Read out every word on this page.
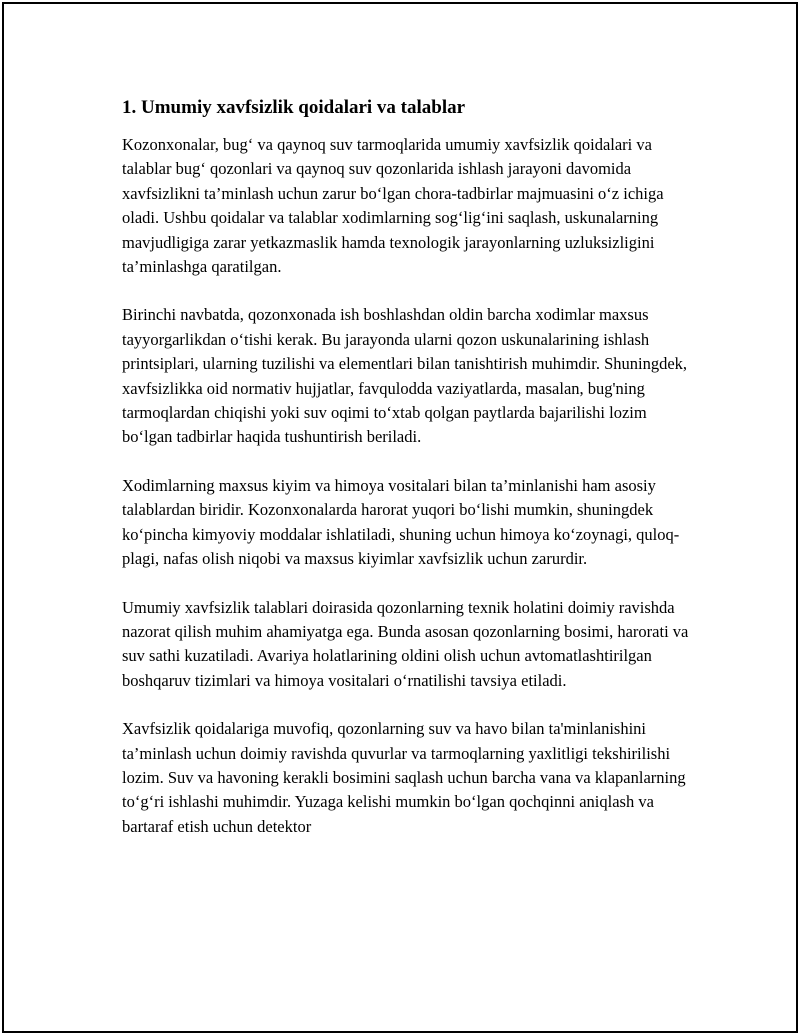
1. Umumiy xavfsizlik qoidalari va talablar

Kozonxonalar, bug‘ va qaynoq suv tarmoqlarida umumiy xavfsizlik qoidalari va talablar bug‘ qozonlari va qaynoq suv qozonlarida ishlash jarayoni davomida xavfsizlikni ta’minlash uchun zarur bo‘lgan chora-tadbirlar majmuasini o‘z ichiga oladi. Ushbu qoidalar va talablar xodimlarning sog‘lig‘ini saqlash, uskunalarning mavjudligiga zarar yetkazmaslik hamda texnologik jarayonlarning uzluksizligini ta’minlashga qaratilgan.

Birinchi navbatda, qozonxonada ish boshlashdan oldin barcha xodimlar maxsus tayyorgarlikdan o‘tishi kerak. Bu jarayonda ularni qozon uskunalarining ishlash printsiplari, ularning tuzilishi va elementlari bilan tanishtirish muhimdir. Shuningdek, xavfsizlikka oid normativ hujjatlar, favqulodda vaziyatlarda, masalan, bug'ning tarmoqlardan chiqishi yoki suv oqimi to‘xtab qolgan paytlarda bajarilishi lozim bo‘lgan tadbirlar haqida tushuntirish beriladi.

Xodimlarning maxsus kiyim va himoya vositalari bilan ta’minlanishi ham asosiy talablardan biridir. Kozonxonalarda harorat yuqori bo‘lishi mumkin, shuningdek ko‘pincha kimyoviy moddalar ishlatiladi, shuning uchun himoya ko‘zoynagi, quloq-plagi, nafas olish niqobi va maxsus kiyimlar xavfsizlik uchun zarurdir.

Umumiy xavfsizlik talablari doirasida qozonlarning texnik holatini doimiy ravishda nazorat qilish muhim ahamiyatga ega. Bunda asosan qozonlarning bosimi, harorati va suv sathi kuzatiladi. Avariya holatlarining oldini olish uchun avtomatlashtirilgan boshqaruv tizimlari va himoya vositalari o‘rnatilishi tavsiya etiladi.

Xavfsizlik qoidalariga muvofiq, qozonlarning suv va havo bilan ta'minlanishini ta’minlash uchun doimiy ravishda quvurlar va tarmoqlarning yaxlitligi tekshirilishi lozim. Suv va havoning kerakli bosimini saqlash uchun barcha vana va klapanlarning to‘g‘ri ishlashi muhimdir. Yuzaga kelishi mumkin bo‘lgan qochqinni aniqlash va bartaraf etish uchun detektor
